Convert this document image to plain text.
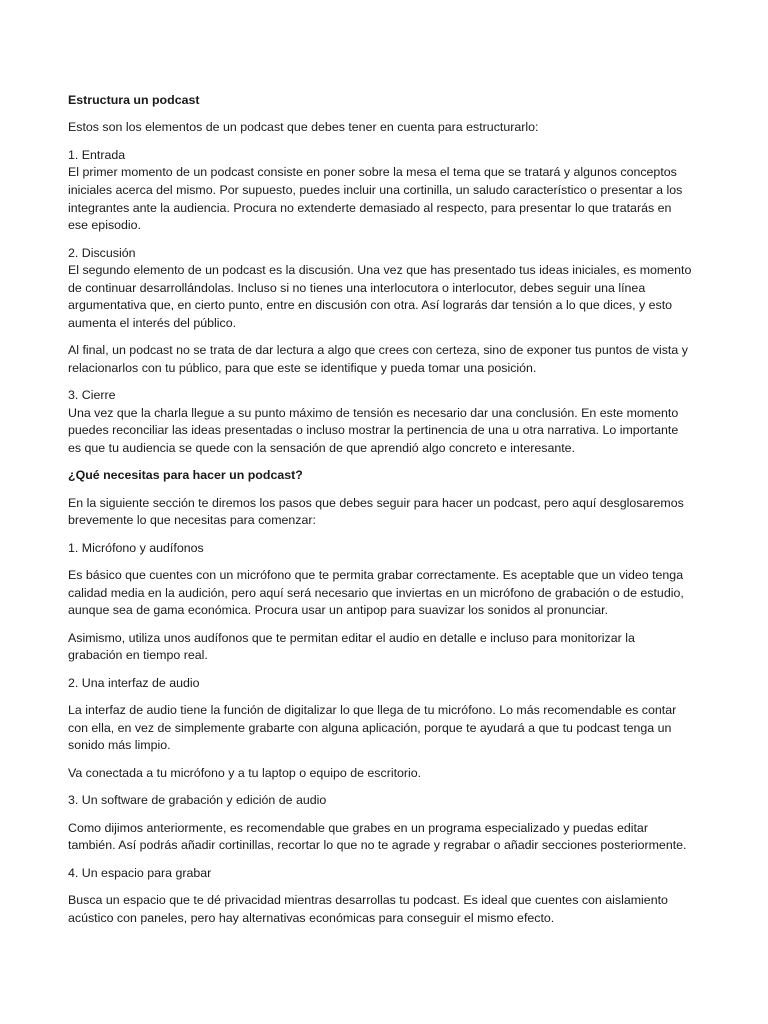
Estructura un podcast

Estos son los elementos de un podcast que debes tener en cuenta para estructurarlo:

1. Entrada
El primer momento de un podcast consiste en poner sobre la mesa el tema que se tratará y algunos conceptos
iniciales acerca del mismo. Por supuesto, puedes incluir una cortinilla, un saludo característico o presentar a los
integrantes ante la audiencia. Procura no extenderte demasiado al respecto, para presentar lo que tratarás en
ese episodio.

2. Discusión
El segundo elemento de un podcast es la discusión. Una vez que has presentado tus ideas iniciales, es momento
de continuar desarrollándolas. Incluso si no tienes una interlocutora o interlocutor, debes seguir una línea
argumentativa que, en cierto punto, entre en discusión con otra. Así lograrás dar tensión a lo que dices, y esto
aumenta el interés del público.

Al final, un podcast no se trata de dar lectura a algo que crees con certeza, sino de exponer tus puntos de vista y
relacionarlos con tu público, para que este se identifique y pueda tomar una posición.

3. Cierre
Una vez que la charla llegue a su punto máximo de tensión es necesario dar una conclusión. En este momento
puedes reconciliar las ideas presentadas o incluso mostrar la pertinencia de una u otra narrativa. Lo importante
es que tu audiencia se quede con la sensación de que aprendió algo concreto e interesante.

¿Qué necesitas para hacer un podcast?

En la siguiente sección te diremos los pasos que debes seguir para hacer un podcast, pero aquí desglosaremos
brevemente lo que necesitas para comenzar:

1. Micrófono y audífonos

Es básico que cuentes con un micrófono que te permita grabar correctamente. Es aceptable que un video tenga
calidad media en la audición, pero aquí será necesario que inviertas en un micrófono de grabación o de estudio,
aunque sea de gama económica. Procura usar un antipop para suavizar los sonidos al pronunciar.

Asimismo, utiliza unos audífonos que te permitan editar el audio en detalle e incluso para monitorizar la
grabación en tiempo real.

2. Una interfaz de audio

La interfaz de audio tiene la función de digitalizar lo que llega de tu micrófono. Lo más recomendable es contar
con ella, en vez de simplemente grabarte con alguna aplicación, porque te ayudará a que tu podcast tenga un
sonido más limpio.

Va conectada a tu micrófono y a tu laptop o equipo de escritorio.

3. Un software de grabación y edición de audio

Como dijimos anteriormente, es recomendable que grabes en un programa especializado y puedas editar
también. Así podrás añadir cortinillas, recortar lo que no te agrade y regrabar o añadir secciones posteriormente.

4. Un espacio para grabar

Busca un espacio que te dé privacidad mientras desarrollas tu podcast. Es ideal que cuentes con aislamiento
acústico con paneles, pero hay alternativas económicas para conseguir el mismo efecto.
